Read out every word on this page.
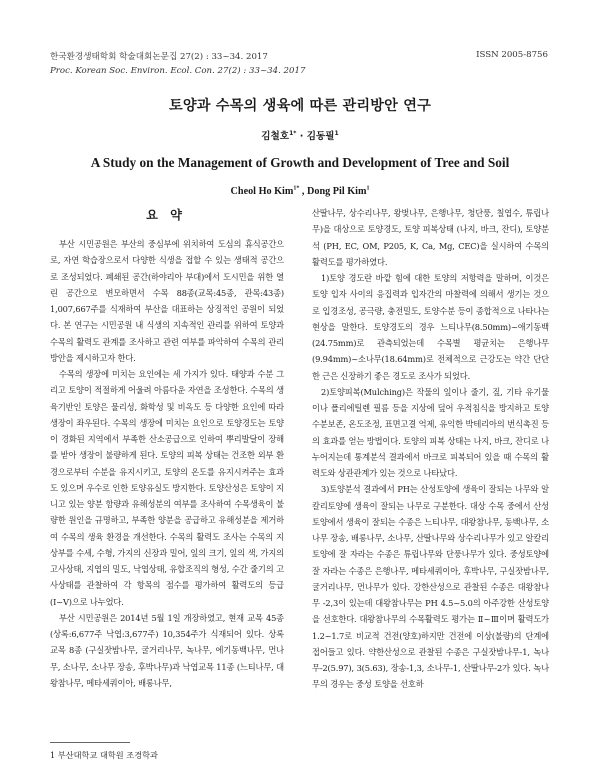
한국환경생태학회 학술대회논문집 27(2) : 33~34. 2017
Proc. Korean Soc. Environ. Ecol. Con. 27(2) : 33~34. 2017
ISSN 2005-8756
토양과 수목의 생육에 따른 관리방안 연구
김철호$^{1*}$ · 김동필$^1$
A Study on the Management of Growth and Development of Tree and Soil
Cheol Ho Kim$^{1*}$ , Dong Pil Kim$^1$
요 약

부산 시민공원은 부산의 중심부에 위치하여 도심의 휴식공간으로, 자연 학습장으로서 다양한 식생을 접할 수 있는 생태적 공간으로 조성되었다. 폐쇄된 공간(하야리아 부대)에서 도시민을 위한 열린 공간으로 변모하면서 수목 88종(교목:45종, 관목:43종) 1,007,667주를 식재하여 부산을 대표하는 상징적인 공원이 되었다. 본 연구는 시민공원 내 식생의 지속적인 관리를 위하여 토양과 수목의 활력도 관계를 조사하고 관련 여부를 파악하여 수목의 관리 방안을 제시하고자 한다.

수목의 생장에 미치는 요인에는 세 가지가 있다. 태양과 수분 그리고 토양이 적절하게 어울려 아름다운 자연을 조성한다. 수목의 생육기반인 토양은 물리성, 화학성 및 비옥도 등 다양한 요인에 따라 생장이 좌우된다. 수목의 생장에 미치는 요인으로 토양경도는 토양이 경화된 지역에서 부족한 산소공급으로 인하여 뿌리발달이 장해를 받아 생장이 불량하게 된다. 토양의 피복 상태는 건조한 외부 환경으로부터 수분을 유지시키고, 토양의 온도를 유지시켜주는 효과도 있으며 우수로 인한 토양유실도 방지한다. 토양산성은 토양이 지니고 있는 양분 함량과 유해성분의 여부를 조사하여 수목생육이 불량한 원인을 규명하고, 부족한 양분을 공급하고 유해성분을 제거하여 수목의 생육 환경을 개선한다. 수목의 활력도 조사는 수목의 지상부를 수세, 수형, 가지의 신장과 밀어, 잎의 크기, 잎의 색, 가지의 고사상태, 지엽의 밀도, 낙엽상태, 유합조직의 형성, 수간 줄기의 고사상태를 관찰하여 각 항목의 점수를 평가하여 활력도의 등급(Ⅰ~Ⅴ)으로 나누었다.

부산 시민공원은 2014년 5월 1일 개장하였고, 현재 교목 45종 (상록:6,677주 낙엽:3,677주) 10,354주가 식재되어 있다. 상록 교목 8종 (구실잣밤나무, 굴거리나무, 녹나무, 에기동백나무, 먼나무, 소나무, 소나무 장송, 후박나무)과 낙엽교목 11종 (느티나무, 대왕참나무, 메타세쿼이아, 배롱나무,

산딸나무, 상수리나무, 왕벚나무, 은행나무, 청단풍, 칠엽수, 튜립나무)을 대상으로 토양경도, 토양 피복상태 (나지, 바크, 잔디), 토양분석 (PH, EC, OM, P205, K, Ca, Mg, CEC)을 실시하여 수목의 활력도를 평가하였다.

1)토양 경도란 바깥 힘에 대한 토양의 저항력을 말하며, 이것은 토양 입자 사이의 응집력과 입자간의 마찰력에 의해서 생기는 것으로 입경조성, 공극량, 충전밀도, 토양수분 등이 종합적으로 나타나는 현상을 말한다. 토양경도의 경우 느티나무(8.50mm)~애기동백(24.75mm)로 관측되었는데 수목별 평균치는 은행나무(9.94mm)~소나무(18.64mm)로 전체적으로 근강도는 약간 단단한 근은 신장하기 좋은 경도로 조사가 되었다.

2)토양피복(Mulching)은 작물의 잎이나 줄기, 짚, 기타 유기물이나 폴리에틸렌 필름 등을 지상에 덮어 우적침식을 방지하고 토양 수분보존, 온도조정, 표면고결 억제, 유익한 박테리아의 번식촉진 등의 효과를 얻는 방법이다. 토양의 피복 상태는 나지, 바크, 잔디로 나누어지는데 통계분석 결과에서 바크로 피복되어 있을 때 수목의 활력도와 상관관계가 있는 것으로 나타났다.

3)토양분석 결과에서 PH는 산성토양에 생육이 잘되는 나무와 알칼리토양에 생육이 잘되는 나무로 구분한다. 대상 수목 중에서 산성 토양에서 생육이 잘되는 수종은 느티나무, 대왕참나무, 동백나무, 소나무 장송, 배롱나무, 소나무, 산딸나무와 상수리나무가 있고 알칼리토양에 잘 자라는 수종은 튜립나무와 단풍나무가 있다. 중성토양에 잘 자라는 수종은 은행나무, 메타세쿼이아, 후박나무, 구실잣밤나무, 굴거리나무, 먼나무가 있다. 강한산성으로 관찰된 수종은 대왕참나무 -2,3이 있는데 대왕참나무는 PH 4.5~5.0의 아주강한 산성토양을 선호한다. 대왕참나무의 수목활력도 평가는 Ⅱ~Ⅲ이며 활력도가 1.2~1.7로 비교적 건전(양호)하지만 건전에 이상(불량)의 단계에 접어들고 있다. 약한산성으로 관찰된 수종은 구실잣밤나무-1, 녹나무-2(5.97), 3(5.63), 장송-1,3, 소나무-1, 산딸나무-2가 있다. 녹나무의 경우는 중성 토양을 선호하

1 부산대학교 대학원 조경학과
